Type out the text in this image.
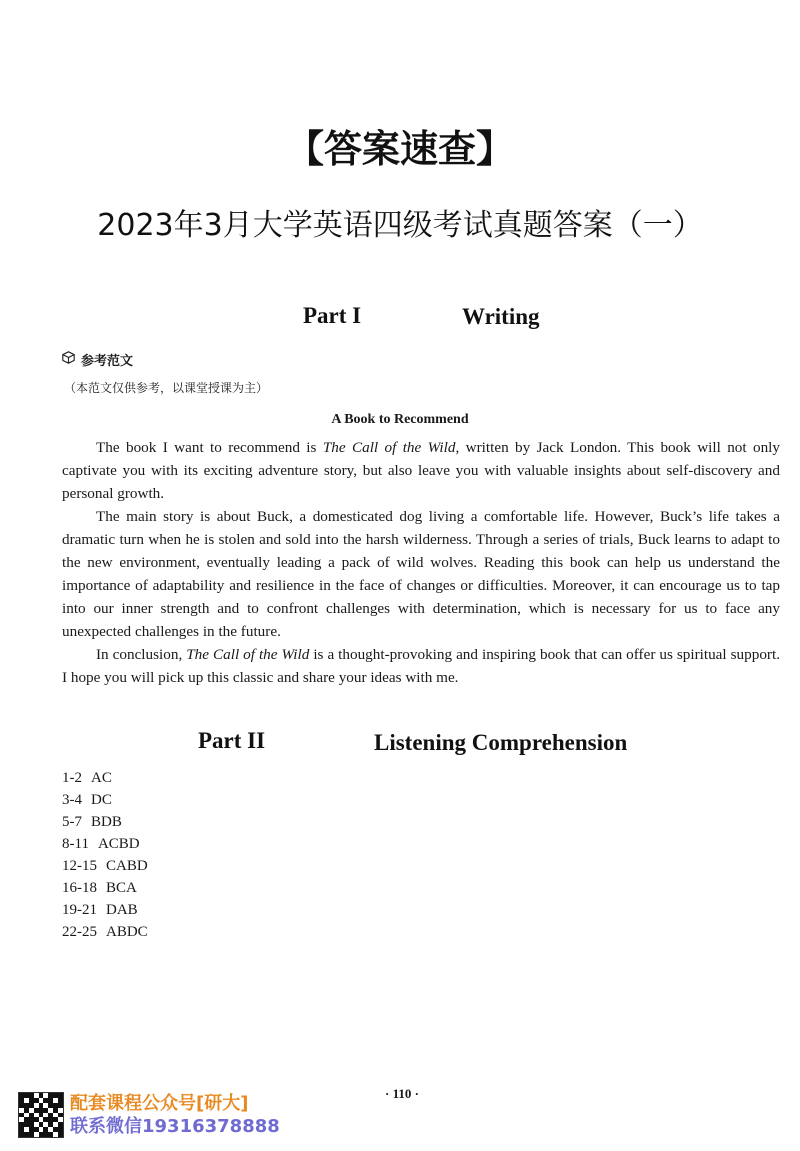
【答案速查】
2023年3月大学英语四级考试真题答案（一）
Part I	Writing
参考范文
（本范文仅供参考，以课堂授课为主）
A Book to Recommend

The book I want to recommend is The Call of the Wild, written by Jack London. This book will not only captivate you with its exciting adventure story, but also leave you with valuable insights about self-discovery and personal growth.

The main story is about Buck, a domesticated dog living a comfortable life. However, Buck’s life takes a dramatic turn when he is stolen and sold into the harsh wilderness. Through a series of trials, Buck learns to adapt to the new environment, eventually leading a pack of wild wolves. Reading this book can help us understand the importance of adaptability and resilience in the face of changes or difficulties. Moreover, it can encourage us to tap into our inner strength and to confront challenges with determination, which is necessary for us to face any unexpected challenges in the future.

In conclusion, The Call of the Wild is a thought-provoking and inspiring book that can offer us spiritual support. I hope you will pick up this classic and share your ideas with me.

Part II	Listening Comprehension
1-2 AC
3-4 DC
5-7 BDB
8-11 ACBD
12-15 CABD
16-18 BCA
19-21 DAB
22-25 ABDC
· 110 ·
配套课程公众号[研大]
联系微信19316378888
